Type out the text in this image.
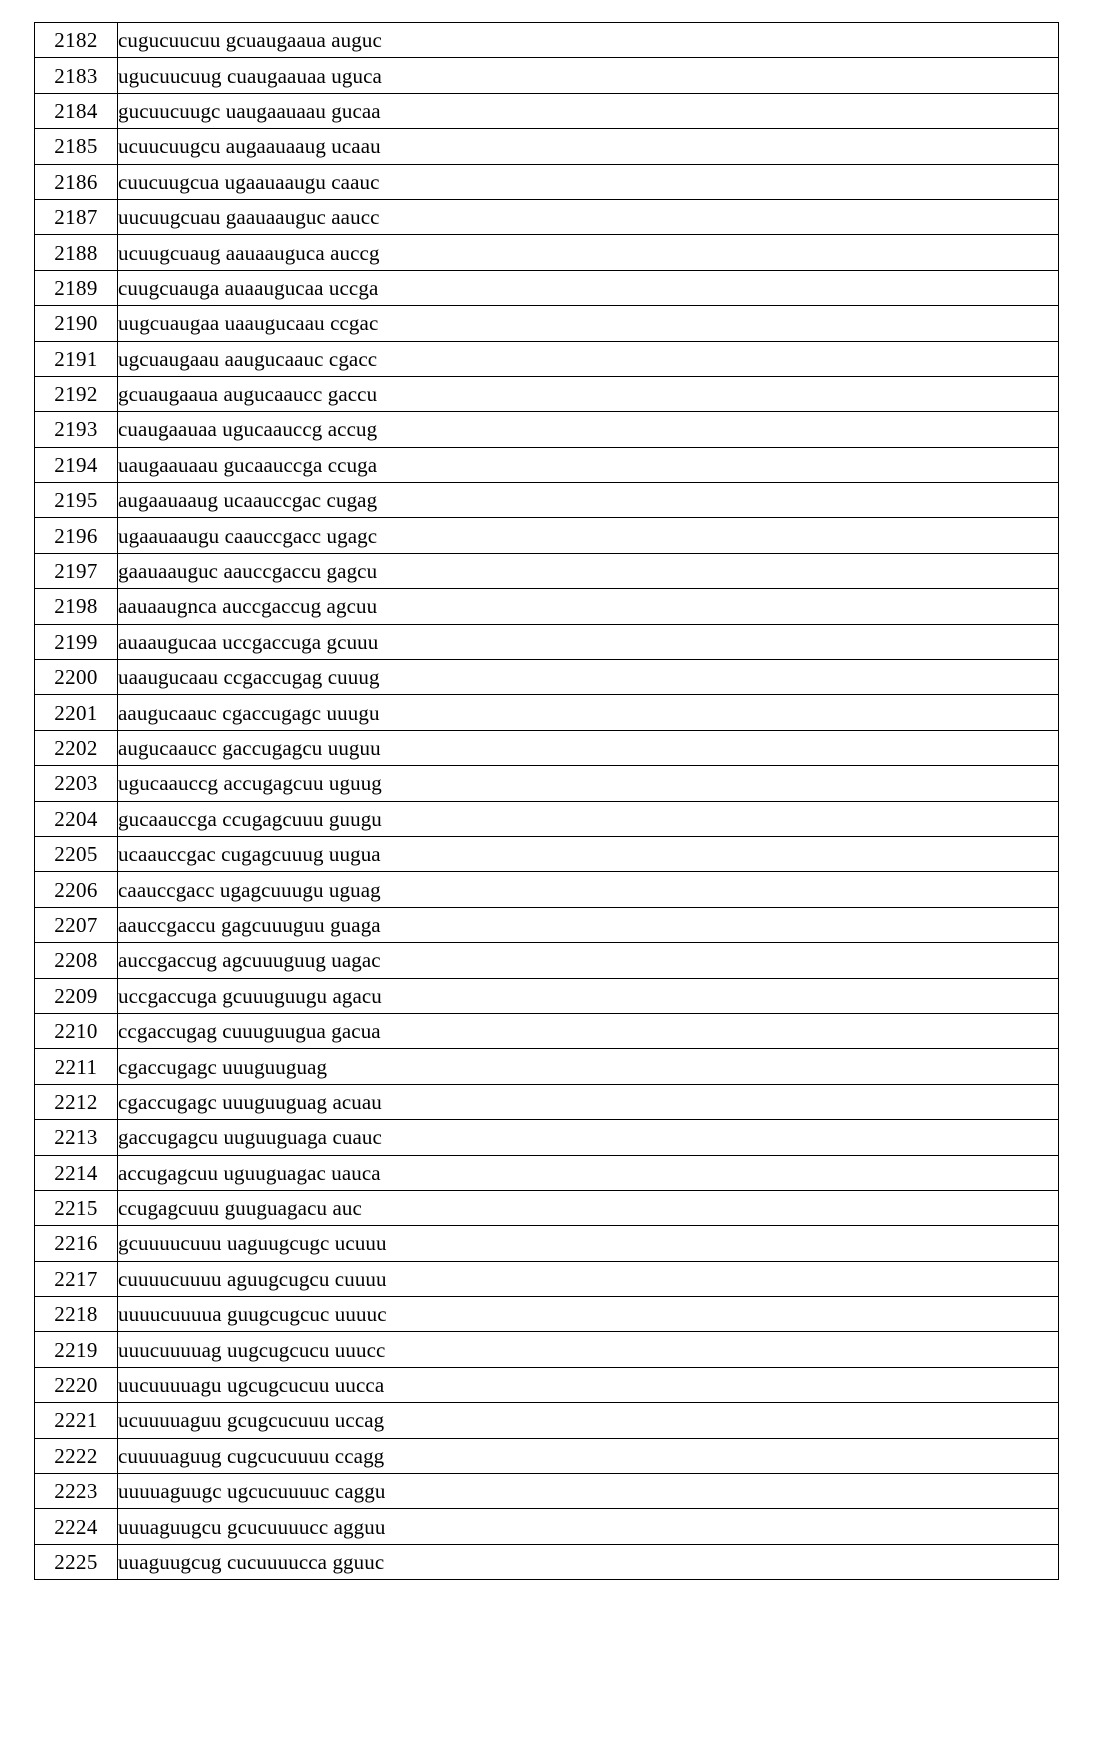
2182	cugucuucuu gcuaugaaua auguc
2183	ugucuucuug cuaugaauaa uguca
2184	gucuucuugc uaugaauaau gucaa
2185	ucuucuugcu augaauaaug ucaau
2186	cuucuugcua ugaauaaugu caauc
2187	uucuugcuau gaauaauguc aaucc
2188	ucuugcuaug aauaauguca auccg
2189	cuugcuauga auaaugucaa uccga
2190	uugcuaugaa uaaugucaau ccgac
2191	ugcuaugaau aaugucaauc cgacc
2192	gcuaugaaua augucaaucc gaccu
2193	cuaugaauaa ugucaauccg accug
2194	uaugaauaau gucaauccga ccuga
2195	augaauaaug ucaauccgac cugag
2196	ugaauaaugu caauccgacc ugagc
2197	gaauaauguc aauccgaccu gagcu
2198	aauaaugnca auccgaccug agcuu
2199	auaaugucaa uccgaccuga gcuuu
2200	uaaugucaau ccgaccugag cuuug
2201	aaugucaauc cgaccugagc uuugu
2202	augucaaucc gaccugagcu uuguu
2203	ugucaauccg accugagcuu uguug
2204	gucaauccga ccugagcuuu guugu
2205	ucaauccgac cugagcuuug uugua
2206	caauccgacc ugagcuuugu uguag
2207	aauccgaccu gagcuuuguu guaga
2208	auccgaccug agcuuuguug uagac
2209	uccgaccuga gcuuuguugu agacu
2210	ccgaccugag cuuuguugua gacua
2211	cgaccugagc uuuguuguag
2212	cgaccugagc uuuguuguag acuau
2213	gaccugagcu uuguuguaga cuauc
2214	accugagcuu uguuguagac uauca
2215	ccugagcuuu guuguagacu auc
2216	gcuuuucuuu uaguugcugc ucuuu
2217	cuuuucuuuu aguugcugcu cuuuu
2218	uuuucuuuua guugcugcuc uuuuc
2219	uuucuuuuag uugcugcucu uuucc
2220	uucuuuuagu ugcugcucuu uucca
2221	ucuuuuaguu gcugcucuuu uccag
2222	cuuuuaguug cugcucuuuu ccagg
2223	uuuuaguugc ugcucuuuuc caggu
2224	uuuaguugcu gcucuuuucc agguu
2225	uuaguugcug cucuuuucca gguuc
